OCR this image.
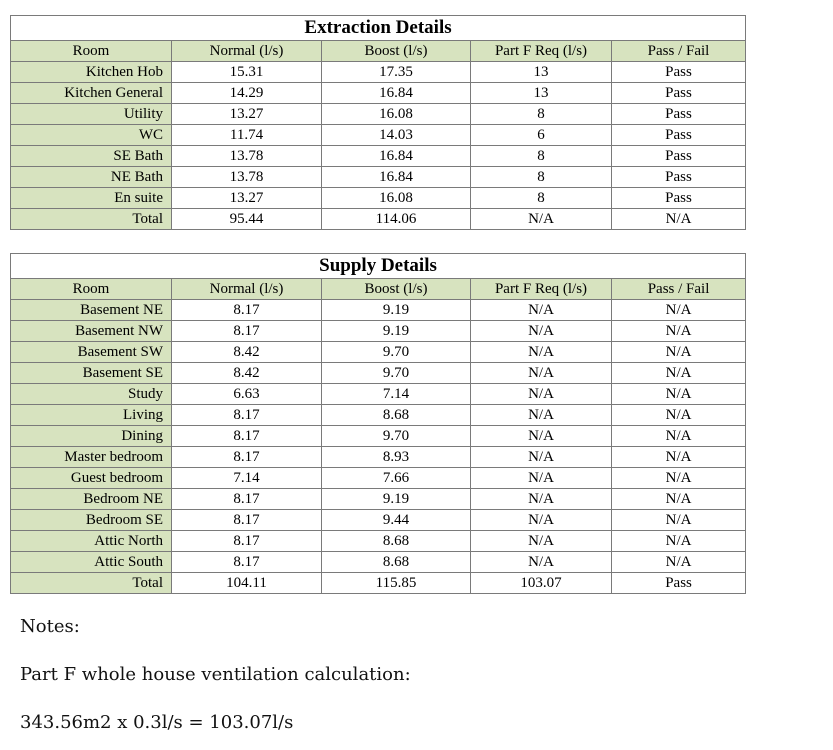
Extraction Details				
Room	Normal (l/s)	Boost (l/s)	Part F Req (l/s)	Pass / Fail
Kitchen Hob	15.31	17.35	13	Pass
Kitchen General	14.29	16.84	13	Pass
Utility	13.27	16.08	8	Pass
WC	11.74	14.03	6	Pass
SE Bath	13.78	16.84	8	Pass
NE Bath	13.78	16.84	8	Pass
En suite	13.27	16.08	8	Pass
Total	95.44	114.06	N/A	N/A
Supply Details				
Room	Normal (l/s)	Boost (l/s)	Part F Req (l/s)	Pass / Fail
Basement NE	8.17	9.19	N/A	N/A
Basement NW	8.17	9.19	N/A	N/A
Basement SW	8.42	9.70	N/A	N/A
Basement SE	8.42	9.70	N/A	N/A
Study	6.63	7.14	N/A	N/A
Living	8.17	8.68	N/A	N/A
Dining	8.17	9.70	N/A	N/A
Master bedroom	8.17	8.93	N/A	N/A
Guest bedroom	7.14	7.66	N/A	N/A
Bedroom NE	8.17	9.19	N/A	N/A
Bedroom SE	8.17	9.44	N/A	N/A
Attic North	8.17	8.68	N/A	N/A
Attic South	8.17	8.68	N/A	N/A
Total	104.11	115.85	103.07	Pass
Notes:
Part F whole house ventilation calculation:
343.56m2 x 0.3l/s = 103.07l/s
